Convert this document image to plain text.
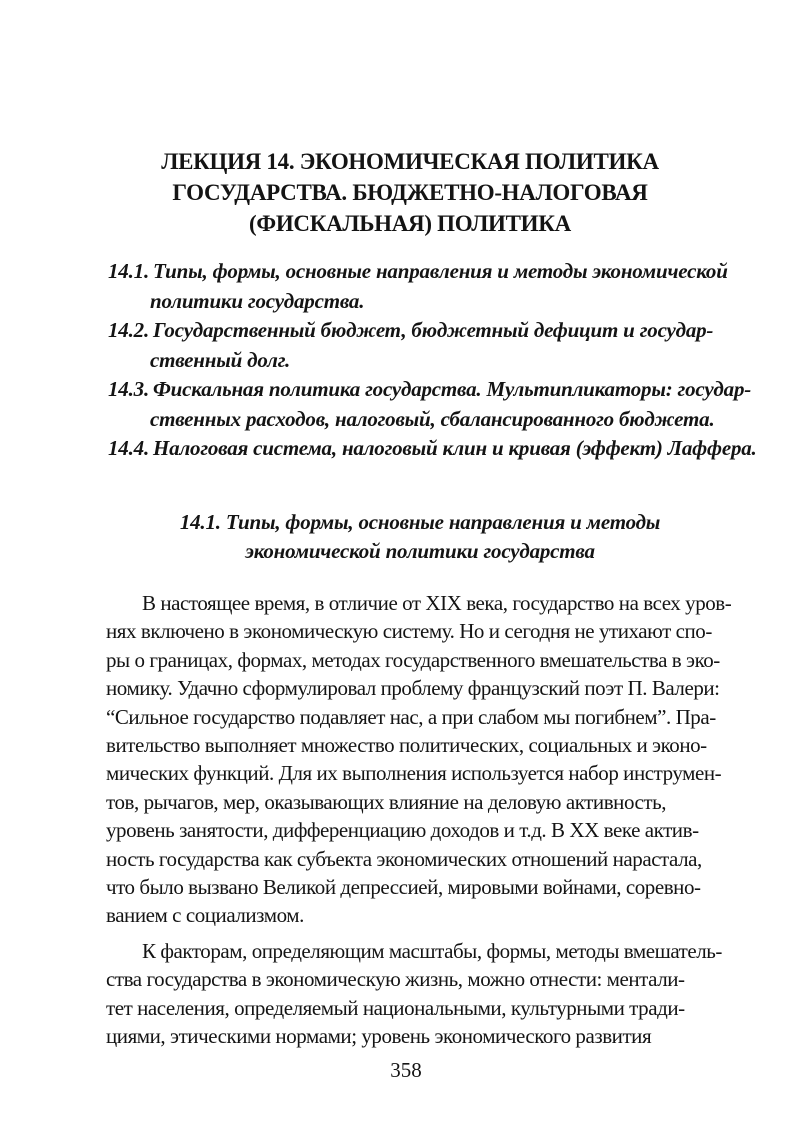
ЛЕКЦИЯ 14. ЭКОНОМИЧЕСКАЯ ПОЛИТИКА
ГОСУДАРСТВА. БЮДЖЕТНО-НАЛОГОВАЯ
(ФИСКАЛЬНАЯ) ПОЛИТИКА
14.1. Типы, формы, основные направления и методы экономической
политики государства.
14.2. Государственный бюджет, бюджетный дефицит и государ-
ственный долг.
14.3. Фискальная политика государства. Мультипликаторы: государ-
ственных расходов, налоговый, сбалансированного бюджета.
14.4. Налоговая система, налоговый клин и кривая (эффект) Лаффера.
14.1. Типы, формы, основные направления и методы
экономической политики государства
В настоящее время, в отличие от XIX века, государство на всех уров-
нях включено в экономическую систему. Но и сегодня не утихают спо-
ры о границах, формах, методах государственного вмешательства в эко-
номику. Удачно сформулировал проблему французский поэт П. Валери:
“Сильное государство подавляет нас, а при слабом мы погибнем”. Пра-
вительство выполняет множество политических, социальных и эконо-
мических функций. Для их выполнения используется набор инструмен-
тов, рычагов, мер, оказывающих влияние на деловую активность,
уровень занятости, дифференциацию доходов и т.д. В XX веке актив-
ность государства как субъекта экономических отношений нарастала,
что было вызвано Великой депрессией, мировыми войнами, соревно-
ванием с социализмом.
К факторам, определяющим масштабы, формы, методы вмешатель-
ства государства в экономическую жизнь, можно отнести: ментали-
тет населения, определяемый национальными, культурными тради-
циями, этическими нормами; уровень экономического развития
358
